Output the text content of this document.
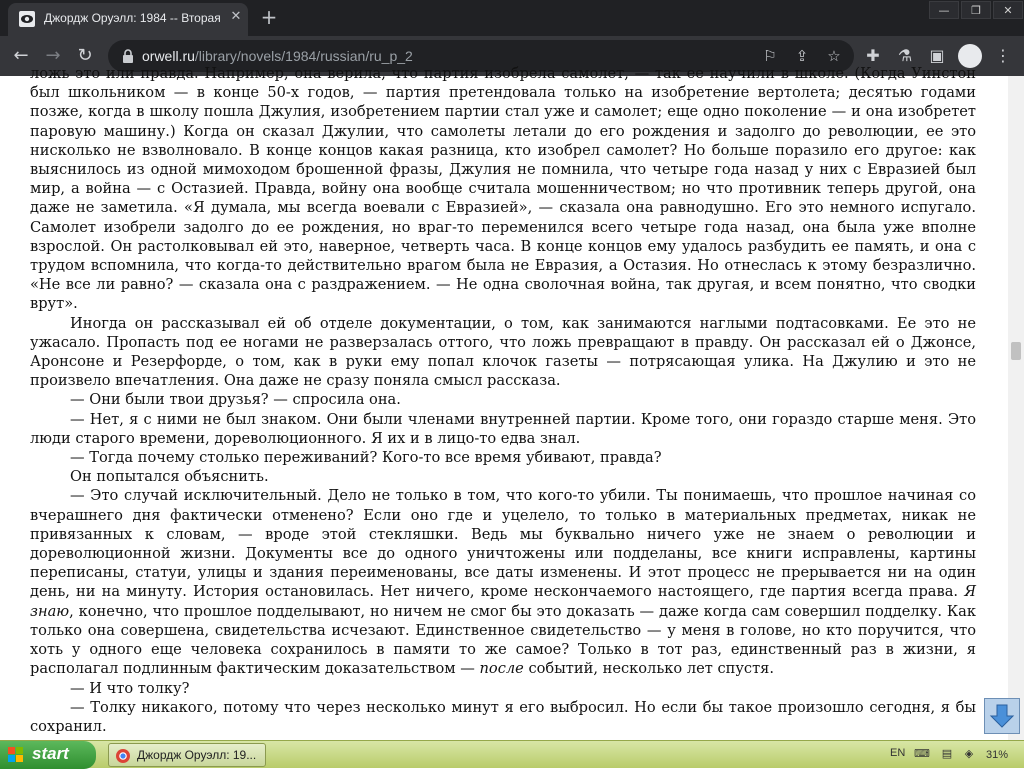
Джордж Оруэлл: 1984 -- Вторая ✕ +	—	❐	✕
← → ↻	orwell.ru/library/novels/1984/russian/ru_p_2	⚐ ⇪ ☆ ✚ ⚗ ▣	⋮

ложь это или правда. Например, она верила, что партия изобрела самолет, — так ее научили в школе. (Когда Уинстон был школьником — в конце 50-х годов, — партия претендовала только на изобретение вертолета; десятью годами позже, когда в школу пошла Джулия, изобретением партии стал уже и самолет; еще одно поколение — и она изобретет паровую машину.) Когда он сказал Джулии, что самолеты летали до его рождения и задолго до революции, ее это нисколько не взволновало. В конце концов какая разница, кто изобрел самолет? Но больше поразило его другое: как выяснилось из одной мимоходом брошенной фразы, Джулия не помнила, что четыре года назад у них с Евразией был мир, а война — с Остазией. Правда, войну она вообще считала мошенничеством; но что противник теперь другой, она даже не заметила. «Я думала, мы всегда воевали с Евразией», — сказала она равнодушно. Его это немного испугало. Самолет изобрели задолго до ее рождения, но враг-то переменился всего четыре года назад, она была уже вполне взрослой. Он растолковывал ей это, наверное, четверть часа. В конце концов ему удалось разбудить ее память, и она с трудом вспомнила, что когда-то действительно врагом была не Евразия, а Остазия. Но отнеслась к этому безразлично. «Не все ли равно? — сказала она с раздражением. — Не одна сволочная война, так другая, и всем понятно, что сводки врут».

Иногда он рассказывал ей об отделе документации, о том, как занимаются наглыми подтасовками. Ее это не ужасало. Пропасть под ее ногами не разверзалась оттого, что ложь превращают в правду. Он рассказал ей о Джонсе, Аронсоне и Резерфорде, о том, как в руки ему попал клочок газеты — потрясающая улика. На Джулию и это не произвело впечатления. Она даже не сразу поняла смысл рассказа.

— Они были твои друзья? — спросила она.

— Нет, я с ними не был знаком. Они были членами внутренней партии. Кроме того, они гораздо старше меня. Это люди старого времени, дореволюционного. Я их и в лицо-то едва знал.

— Тогда почему столько переживаний? Кого-то все время убивают, правда?

Он попытался объяснить.

— Это случай исключительный. Дело не только в том, что кого-то убили. Ты понимаешь, что прошлое начиная со вчерашнего дня фактически отменено? Если оно где и уцелело, то только в материальных предметах, никак не привязанных к словам, — вроде этой стекляшки. Ведь мы буквально ничего уже не знаем о революции и дореволюционной жизни. Документы все до одного уничтожены или подделаны, все книги исправлены, картины переписаны, статуи, улицы и здания переименованы, все даты изменены. И этот процесс не прерывается ни на один день, ни на минуту. История остановилась. Нет ничего, кроме нескончаемого настоящего, где партия всегда права. Я знаю, конечно, что прошлое подделывают, но ничем не смог бы это доказать — даже когда сам совершил подделку. Как только она совершена, свидетельства исчезают. Единственное свидетельство — у меня в голове, но кто поручится, что хоть у одного еще человека сохранилось в памяти то же самое? Только в тот раз, единственный раз в жизни, я располагал подлинным фактическим доказательством — после событий, несколько лет спустя.

— И что толку?

— Толку никакого, потому что через несколько минут я его выбросил. Но если бы такое произошло сегодня, я бы сохранил.

start	Джордж Оруэлл: 19...	EN ⌨ ▤ ◈ 31%
